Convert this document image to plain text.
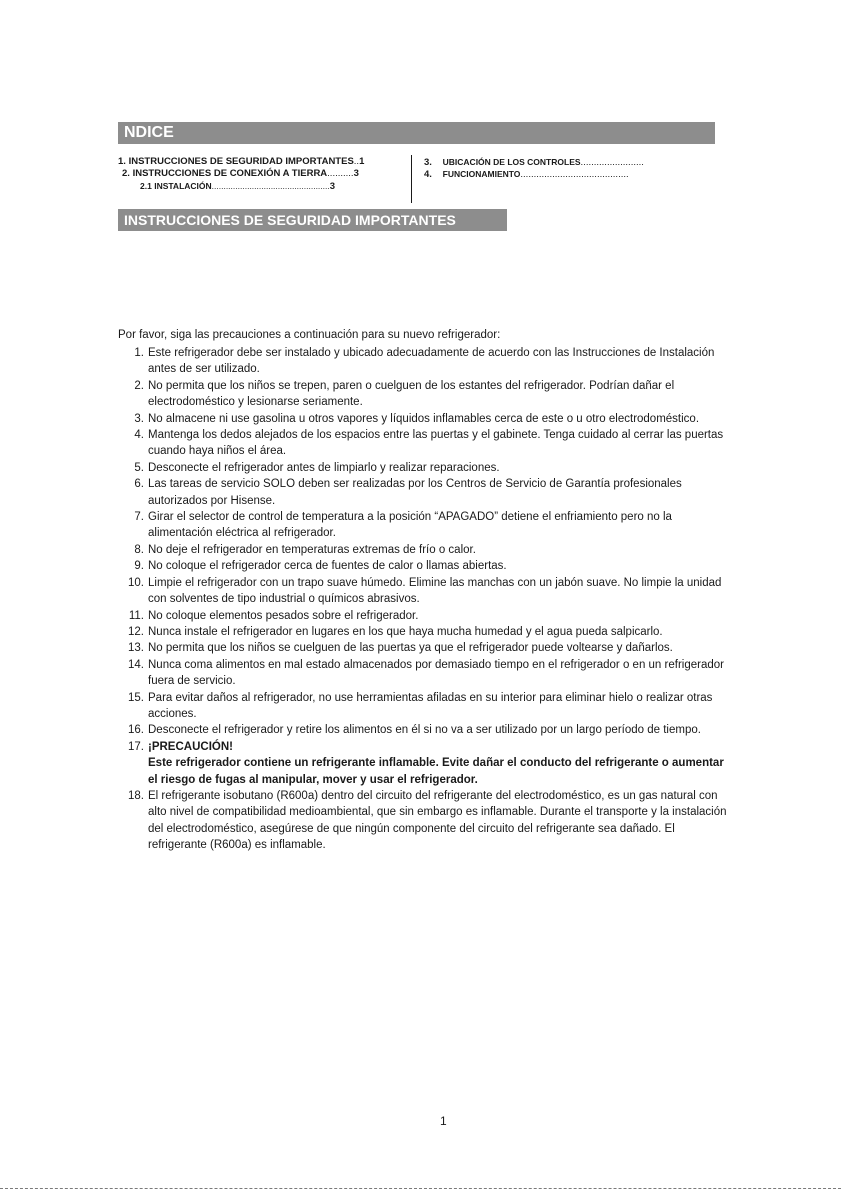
NDICE
1. INSTRUCCIONES DE SEGURIDAD IMPORTANTES..1
2. INSTRUCCIONES DE CONEXIÓN A TIERRA..........3
2.1 INSTALACIÓN..................................................3
3. UBICACIÓN DE LOS CONTROLES........................
4. FUNCIONAMIENTO.........................................
INSTRUCCIONES DE SEGURIDAD IMPORTANTES
Por favor, siga las precauciones a continuación para su nuevo refrigerador:
1. Este refrigerador debe ser instalado y ubicado adecuadamente de acuerdo con las Instrucciones de Instalación antes de ser utilizado.
2. No permita que los niños se trepen, paren o cuelguen de los estantes del refrigerador. Podrían dañar el electrodoméstico y lesionarse seriamente.
3. No almacene ni use gasolina u otros vapores y líquidos inflamables cerca de este o u otro electrodoméstico.
4. Mantenga los dedos alejados de los espacios entre las puertas y el gabinete. Tenga cuidado al cerrar las puertas cuando haya niños el área.
5. Desconecte el refrigerador antes de limpiarlo y realizar reparaciones.
6. Las tareas de servicio SOLO deben ser realizadas por los Centros de Servicio de Garantía profesionales autorizados por Hisense.
7. Girar el selector de control de temperatura a la posición “APAGADO” detiene el enfriamiento pero no la alimentación eléctrica al refrigerador.
8. No deje el refrigerador en temperaturas extremas de frío o calor.
9. No coloque el refrigerador cerca de fuentes de calor o llamas abiertas.
10. Limpie el refrigerador con un trapo suave húmedo. Elimine las manchas con un jabón suave. No limpie la unidad con solventes de tipo industrial o químicos abrasivos.
11. No coloque elementos pesados sobre el refrigerador.
12. Nunca instale el refrigerador en lugares en los que haya mucha humedad y el agua pueda salpicarlo.
13. No permita que los niños se cuelguen de las puertas ya que el refrigerador puede voltearse y dañarlos.
14. Nunca coma alimentos en mal estado almacenados por demasiado tiempo en el refrigerador o en un refrigerador fuera de servicio.
15. Para evitar daños al refrigerador, no use herramientas afiladas en su interior para eliminar hielo o realizar otras acciones.
16. Desconecte el refrigerador y retire los alimentos en él si no va a ser utilizado por un largo período de tiempo.
17. ¡PRECAUCIÓN!
Este refrigerador contiene un refrigerante inflamable. Evite dañar el conducto del refrigerante o aumentar el riesgo de fugas al manipular, mover y usar el refrigerador.
18. El refrigerante isobutano (R600a) dentro del circuito del refrigerante del electrodoméstico, es un gas natural con alto nivel de compatibilidad medioambiental, que sin embargo es inflamable. Durante el transporte y la instalación del electrodoméstico, asegúrese de que ningún componente del circuito del refrigerante sea dañado. El refrigerante (R600a) es inflamable.
1
